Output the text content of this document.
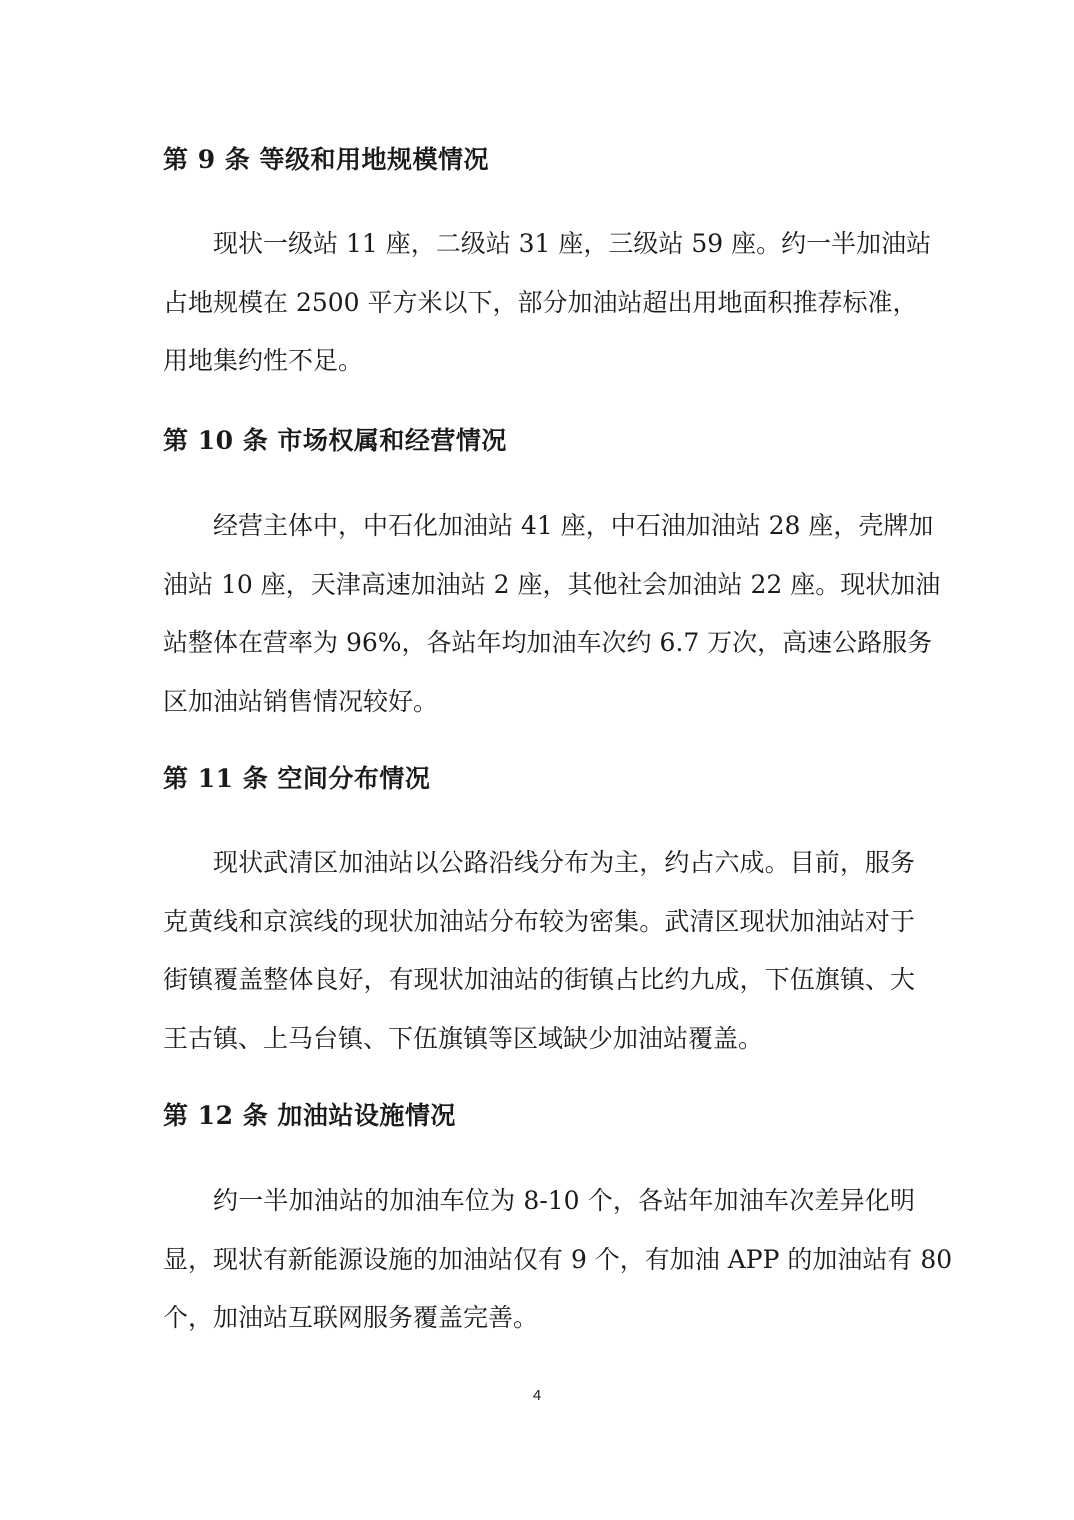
第 9 条 等级和用地规模情况
现状一级站 11 座，二级站 31 座，三级站 59 座。约一半加油站
占地规模在 2500 平方米以下，部分加油站超出用地面积推荐标准，
用地集约性不足。
第 10 条 市场权属和经营情况
经营主体中，中石化加油站 41 座，中石油加油站 28 座，壳牌加
油站 10 座，天津高速加油站 2 座，其他社会加油站 22 座。现状加油
站整体在营率为 96%，各站年均加油车次约 6.7 万次，高速公路服务
区加油站销售情况较好。
第 11 条 空间分布情况
现状武清区加油站以公路沿线分布为主，约占六成。目前，服务
克黄线和京滨线的现状加油站分布较为密集。武清区现状加油站对于
街镇覆盖整体良好，有现状加油站的街镇占比约九成，下伍旗镇、大
王古镇、上马台镇、下伍旗镇等区域缺少加油站覆盖。
第 12 条 加油站设施情况
约一半加油站的加油车位为 8-10 个，各站年加油车次差异化明
显，现状有新能源设施的加油站仅有 9 个，有加油 APP 的加油站有 80
个，加油站互联网服务覆盖完善。
4
